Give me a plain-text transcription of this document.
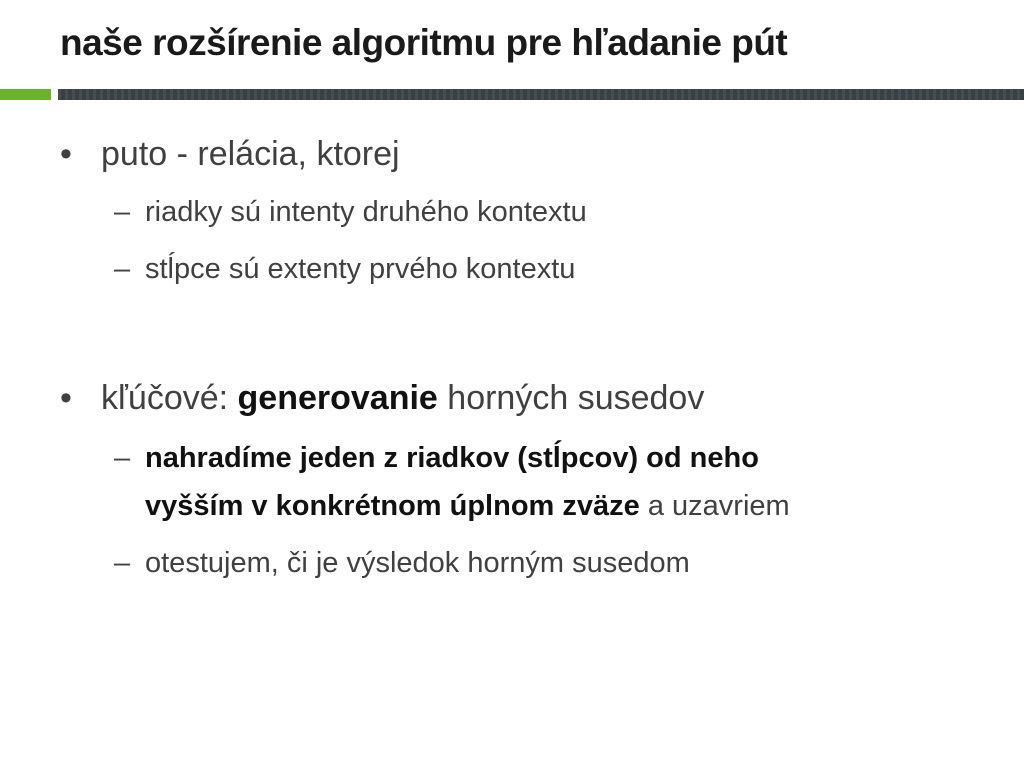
naše rozšírenie algoritmu pre hľadanie pút
• puto - relácia, ktorej
– riadky sú intenty druhého kontextu
– stĺpce sú extenty prvého kontextu
• kľúčové: generovanie horných susedov
– nahradíme jeden z riadkov (stĺpcov) od neho
vyšším v konkrétnom úplnom zväze a uzavriem
– otestujem, či je výsledok horným susedom
